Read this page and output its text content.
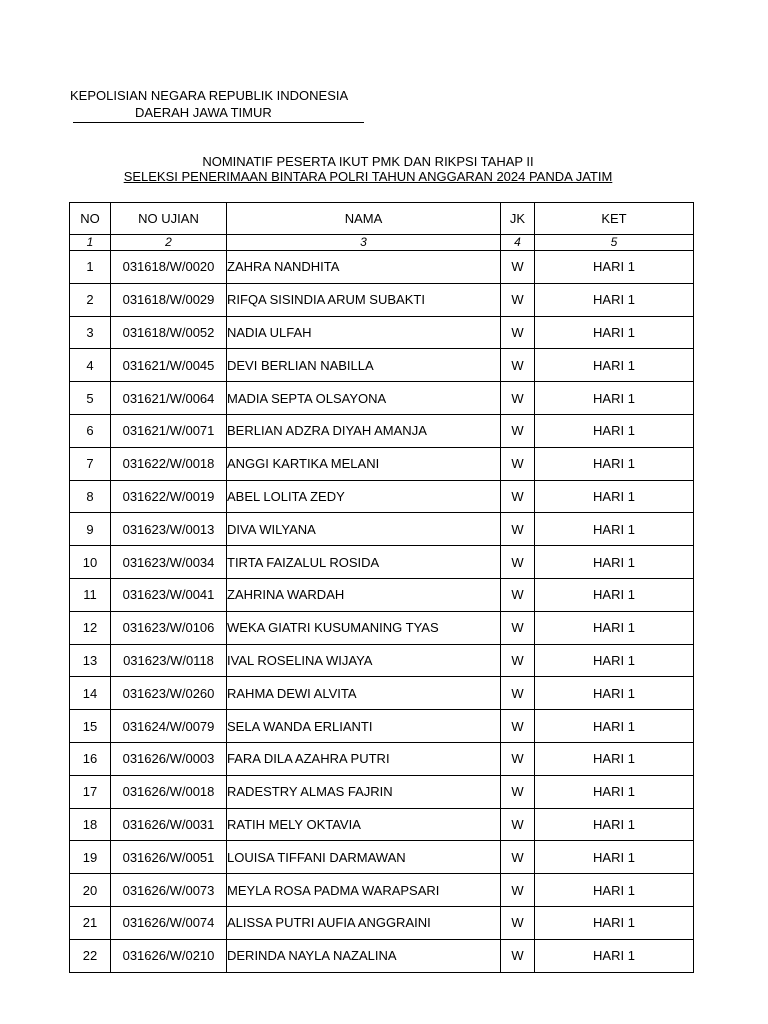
KEPOLISIAN NEGARA REPUBLIK INDONESIA
DAERAH JAWA TIMUR
NOMINATIF PESERTA IKUT PMK DAN RIKPSI TAHAP II
SELEKSI PENERIMAAN BINTARA POLRI TAHUN ANGGARAN 2024 PANDA JATIM
NO	NO UJIAN	NAMA	JK	KET
1	2	3	4	5
1	031618/W/0020	ZAHRA NANDHITA	W	HARI 1
2	031618/W/0029	RIFQA SISINDIA ARUM SUBAKTI	W	HARI 1
3	031618/W/0052	NADIA ULFAH	W	HARI 1
4	031621/W/0045	DEVI BERLIAN NABILLA	W	HARI 1
5	031621/W/0064	MADIA SEPTA OLSAYONA	W	HARI 1
6	031621/W/0071	BERLIAN ADZRA DIYAH AMANJA	W	HARI 1
7	031622/W/0018	ANGGI KARTIKA MELANI	W	HARI 1
8	031622/W/0019	ABEL LOLITA ZEDY	W	HARI 1
9	031623/W/0013	DIVA WILYANA	W	HARI 1
10	031623/W/0034	TIRTA FAIZALUL ROSIDA	W	HARI 1
11	031623/W/0041	ZAHRINA WARDAH	W	HARI 1
12	031623/W/0106	WEKA GIATRI KUSUMANING TYAS	W	HARI 1
13	031623/W/0118	IVAL ROSELINA WIJAYA	W	HARI 1
14	031623/W/0260	RAHMA DEWI ALVITA	W	HARI 1
15	031624/W/0079	SELA WANDA ERLIANTI	W	HARI 1
16	031626/W/0003	FARA DILA AZAHRA PUTRI	W	HARI 1
17	031626/W/0018	RADESTRY ALMAS FAJRIN	W	HARI 1
18	031626/W/0031	RATIH MELY OKTAVIA	W	HARI 1
19	031626/W/0051	LOUISA TIFFANI DARMAWAN	W	HARI 1
20	031626/W/0073	MEYLA ROSA PADMA WARAPSARI	W	HARI 1
21	031626/W/0074	ALISSA PUTRI AUFIA ANGGRAINI	W	HARI 1
22	031626/W/0210	DERINDA NAYLA NAZALINA	W	HARI 1
